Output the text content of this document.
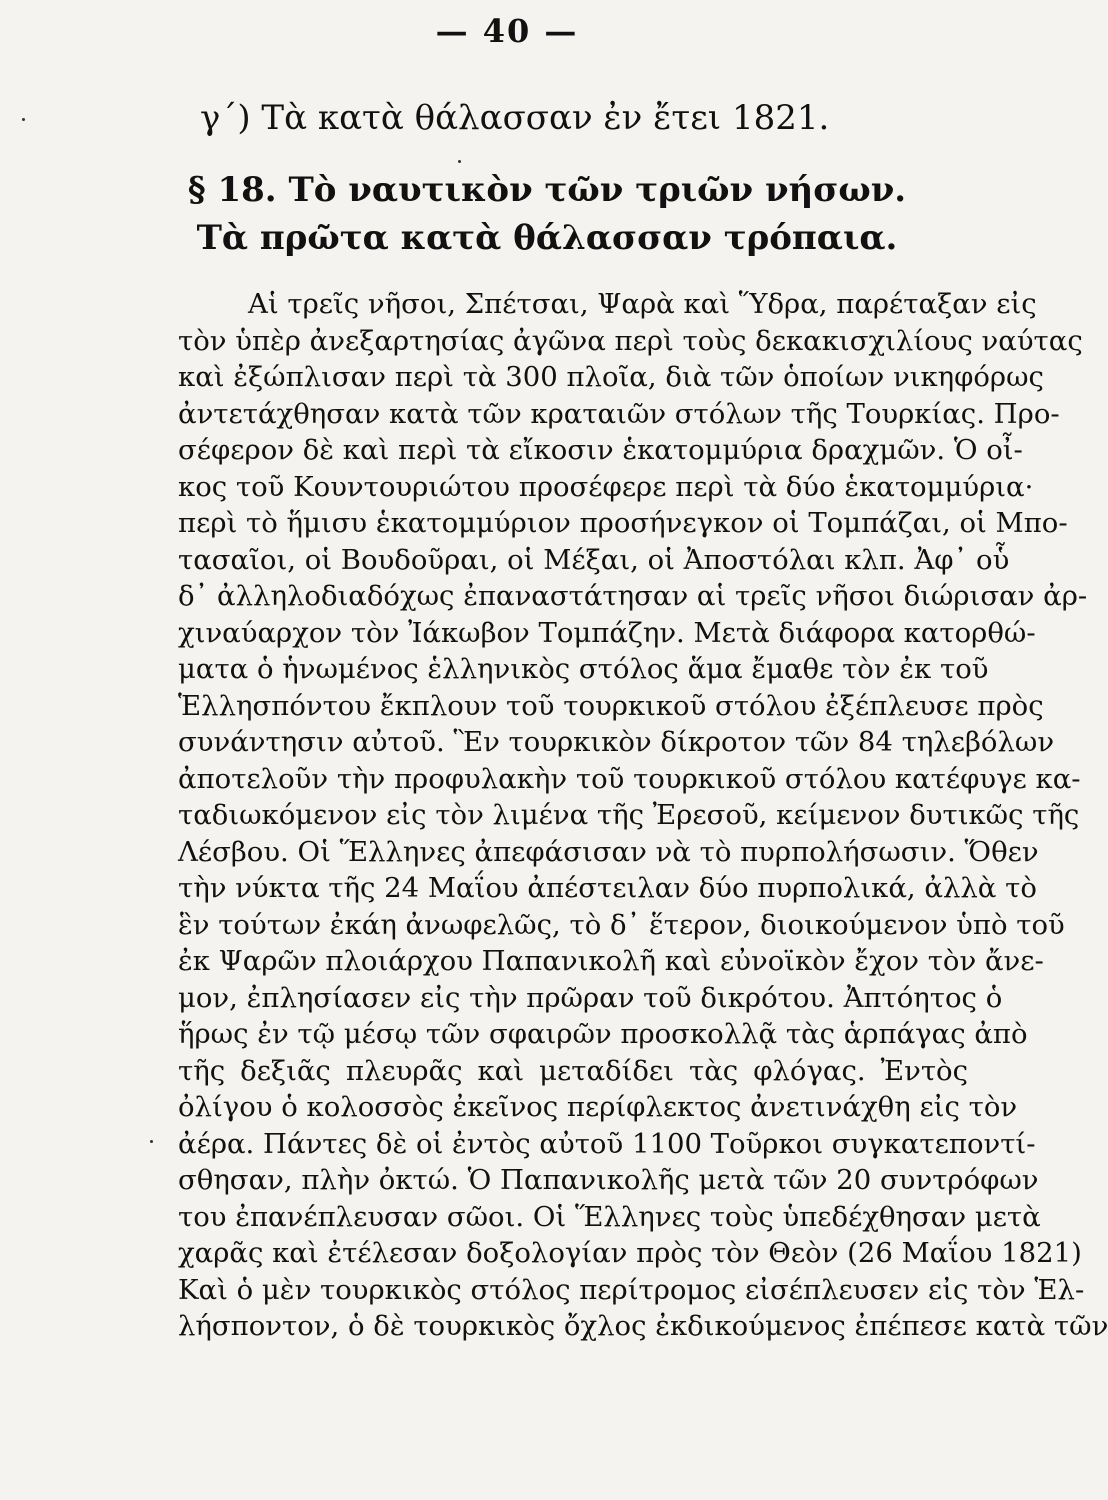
— 40 —
γ΄) Τὰ κατὰ θάλασσαν ἐν ἔτει 1821.
§ 18. Τὸ ναυτικὸν τῶν τριῶν νήσων.
Τὰ πρῶτα κατὰ θάλασσαν τρόπαια.
Αἱ τρεῖς νῆσοι, Σπέτσαι, Ψαρὰ καὶ Ὕδρα, παρέταξαν εἰς
τὸν ὑπὲρ ἀνεξαρτησίας ἀγῶνα περὶ τοὺς δεκακισχιλίους ναύτας
καὶ ἐξώπλισαν περὶ τὰ 300 πλοῖα, διὰ τῶν ὁποίων νικηφόρως
ἀντετάχθησαν κατὰ τῶν κραταιῶν στόλων τῆς Τουρκίας. Προ-
σέφερον δὲ καὶ περὶ τὰ εἴκοσιν ἑκατομμύρια δραχμῶν. Ὁ οἶ-
κος τοῦ Κουντουριώτου προσέφερε περὶ τὰ δύο ἑκατομμύρια·
περὶ τὸ ἥμισυ ἑκατομμύριον προσήνεγκον οἱ Τομπάζαι, οἱ Μπο-
τασαῖοι, οἱ Βουδοῦραι, οἱ Μέξαι, οἱ Ἀποστόλαι κλπ. Ἀφ᾽ οὗ
δ᾽ ἀλληλοδιαδόχως ἐπαναστάτησαν αἱ τρεῖς νῆσοι διώρισαν ἀρ-
χιναύαρχον τὸν Ἰάκωβον Τομπάζην. Μετὰ διάφορα κατορθώ-
ματα ὁ ἡνωμένος ἑλληνικὸς στόλος ἅμα ἔμαθε τὸν ἐκ τοῦ
Ἑλλησπόντου ἔκπλουν τοῦ τουρκικοῦ στόλου ἐξέπλευσε πρὸς
συνάντησιν αὐτοῦ. Ἓν τουρκικὸν δίκροτον τῶν 84 τηλεβόλων
ἀποτελοῦν τὴν προφυλακὴν τοῦ τουρκικοῦ στόλου κατέφυγε κα-
ταδιωκόμενον εἰς τὸν λιμένα τῆς Ἐρεσοῦ, κείμενον δυτικῶς τῆς
Λέσβου. Οἱ Ἕλληνες ἀπεφάσισαν νὰ τὸ πυρπολήσωσιν. Ὅθεν
τὴν νύκτα τῆς 24 Μαΐου ἀπέστειλαν δύο πυρπολικά, ἀλλὰ τὸ
ἓν τούτων ἐκάη ἀνωφελῶς, τὸ δ᾽ ἕτερον, διοικούμενον ὑπὸ τοῦ
ἐκ Ψαρῶν πλοιάρχου Παπανικολῆ καὶ εὐνοϊκὸν ἔχον τὸν ἄνε-
μον, ἐπλησίασεν εἰς τὴν πρῶραν τοῦ δικρότου. Ἀπτόητος ὁ
ἥρως ἐν τῷ μέσῳ τῶν σφαιρῶν προσκολλᾷ τὰς ἁρπάγας ἀπὸ
τῆς δεξιᾶς πλευρᾶς καὶ μεταδίδει τὰς φλόγας. Ἐντὸς
ὀλίγου ὁ κολοσσὸς ἐκεῖνος περίφλεκτος ἀνετινάχθη εἰς τὸν
ἀέρα. Πάντες δὲ οἱ ἐντὸς αὐτοῦ 1100 Τοῦρκοι συγκατεποντί-
σθησαν, πλὴν ὀκτώ. Ὁ Παπανικολῆς μετὰ τῶν 20 συντρόφων
του ἐπανέπλευσαν σῶοι. Οἱ Ἕλληνες τοὺς ὑπεδέχθησαν μετὰ
χαρᾶς καὶ ἐτέλεσαν δοξολογίαν πρὸς τὸν Θεὸν (26 Μαΐου 1821)
Καὶ ὁ μὲν τουρκικὸς στόλος περίτρομος εἰσέπλευσεν εἰς τὸν Ἑλ-
λήσποντον, ὁ δὲ τουρκικὸς ὄχλος ἐκδικούμενος ἐπέπεσε κατὰ τῶν
